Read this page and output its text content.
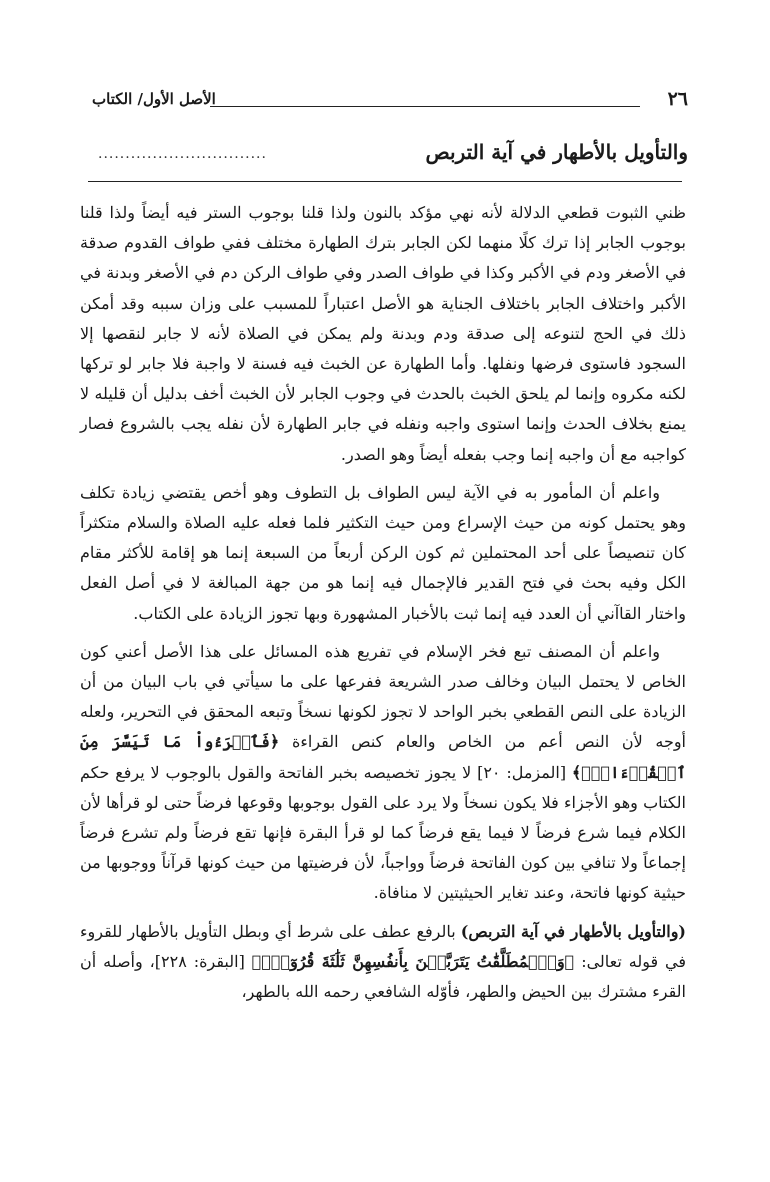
٢٦
الأصل الأول/ الكتاب
والتأويل بالأطهار في آية التربص
...............................

ظني الثبوت قطعي الدلالة لأنه نهي مؤكد بالنون ولذا قلنا بوجوب الستر فيه أيضاً ولذا قلنا بوجوب الجابر إذا ترك كلًا منهما لكن الجابر بترك الطهارة مختلف ففي طواف القدوم صدقة في الأصغر ودم في الأكبر وكذا في طواف الصدر وفي طواف الركن دم في الأصغر وبدنة في الأكبر واختلاف الجابر باختلاف الجناية هو الأصل اعتباراً للمسبب على وزان سببه وقد أمكن ذلك في الحج لتنوعه إلى صدقة ودم وبدنة ولم يمكن في الصلاة لأنه لا جابر لنقصها إلا السجود فاستوى فرضها ونفلها. وأما الطهارة عن الخبث فيه فسنة لا واجبة فلا جابر لو تركها لكنه مكروه وإنما لم يلحق الخبث بالحدث في وجوب الجابر لأن الخبث أخف بدليل أن قليله لا يمنع بخلاف الحدث وإنما استوى واجبه ونفله في جابر الطهارة لأن نفله يجب بالشروع فصار كواجبه مع أن واجبه إنما وجب بفعله أيضاً وهو الصدر.

واعلم أن المأمور به في الآية ليس الطواف بل التطوف وهو أخص يقتضي زيادة تكلف وهو يحتمل كونه من حيث الإسراع ومن حيث التكثير فلما فعله عليه الصلاة والسلام متكثراً كان تنصيصاً على أحد المحتملين ثم كون الركن أربعاً من السبعة إنما هو إقامة للأكثر مقام الكل وفيه بحث في فتح القدير فالإجمال فيه إنما هو من جهة المبالغة لا في أصل الفعل واختار القاآني أن العدد فيه إنما ثبت بالأخبار المشهورة وبها تجوز الزيادة على الكتاب.

واعلم أن المصنف تبع فخر الإسلام في تفريع هذه المسائل على هذا الأصل أعني كون الخاص لا يحتمل البيان وخالف صدر الشريعة ففرعها على ما سيأتي في باب البيان من أن الزيادة على النص القطعي بخبر الواحد لا تجوز لكونها نسخاً وتبعه المحقق في التحرير، ولعله أوجه لأن النص أعم من الخاص والعام كنص القراءة ﴿فَٱقۡرَءُواْ مَا تَيَسَّرَ مِنَ ٱلۡقُرۡءَانِۚ﴾ [المزمل: ٢٠] لا يجوز تخصيصه بخبر الفاتحة والقول بالوجوب لا يرفع حكم الكتاب وهو الأجزاء فلا يكون نسخاً ولا يرد على القول بوجوبها وقوعها فرضاً حتى لو قرأها لأن الكلام فيما شرع فرضاً لا فيما يقع فرضاً كما لو قرأ البقرة فإنها تقع فرضاً ولم تشرع فرضاً إجماعاً ولا تنافي بين كون الفاتحة فرضاً وواجباً، لأن فرضيتها من حيث كونها قرآناً ووجوبها من حيثية كونها فاتحة، وعند تغاير الحيثيتين لا منافاة.

(والتأويل بالأطهار في آية التربص) بالرفع عطف على شرط أي وبطل التأويل بالأطهار للقروء في قوله تعالى: ﴿وَٱلۡمُطَلَّقَٰتُ يَتَرَبَّصۡنَ بِأَنفُسِهِنَّ ثَلَٰثَةَ قُرُوٓءٖۚ﴾ [البقرة: ٢٢٨]، وأصله أن القرء مشترك بين الحيض والطهر، فأوّله الشافعي رحمه الله بالطهر،
